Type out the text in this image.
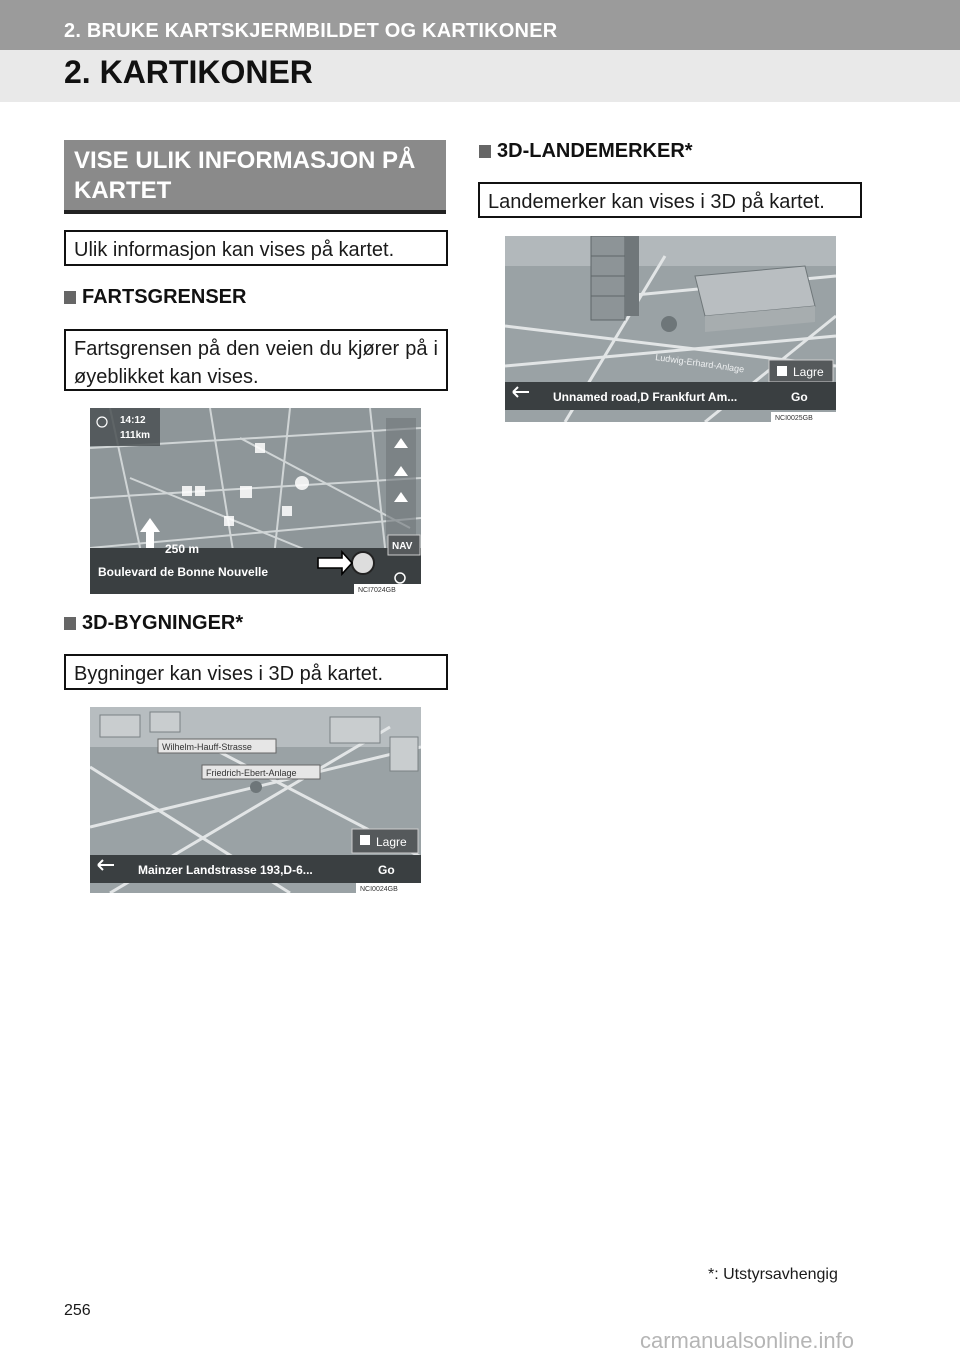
2. BRUKE KARTSKJERMBILDET OG KARTIKONER
2. KARTIKONER
VISE ULIK INFORMASJON PÅ KARTET
Ulik informasjon kan vises på kartet.
FARTSGRENSER
Fartsgrensen på den veien du kjører på i øyeblikket kan vises.
14:12
111km
250 m
Boulevard de Bonne Nouvelle
NAV
NCI7024GB
3D-BYGNINGER*
Bygninger kan vises i 3D på kartet.
Wilhelm-Hauff-Strasse
Friedrich-Ebert-Anlage
Lagre
Mainzer Landstrasse 193,D-6...	Go
NCI0024GB
3D-LANDEMERKER*
Landemerker kan vises i 3D på kartet.
Ludwig-Erhard-Anlage	Lagre
Unnamed road,D Frankfurt Am...	Go
NCI0025GB
*: Utstyrsavhengig
256
carmanualsonline.info
